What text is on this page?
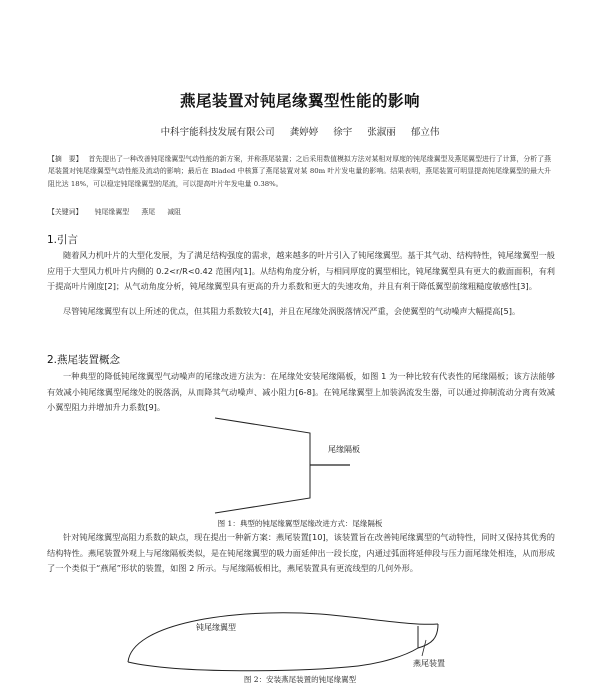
燕尾装置对钝尾缘翼型性能的影响
中科宇能科技发展有限公司 龚婷婷 徐宇 张淑丽 郁立伟
【摘　要】 首先提出了一种改善钝尾缘翼型气动性能的新方案，并称燕尾装置；之后采用数值模拟方法对某相对厚度的钝尾缘翼型及燕尾翼型进行了计算，分析了燕尾装置对钝尾缘翼型气动性能及流动的影响；最后在 Bladed 中核算了燕尾装置对某 80m 叶片发电量的影响。结果表明，燕尾装置可明显提高钝尾缘翼型的最大升阻比达 18%，可以稳定钝尾缘翼型的尾流，可以提高叶片年发电量 0.38%。
【关键词】 钝尾缘翼型 燕尾 减阻
1.引言
随着风力机叶片的大型化发展，为了满足结构强度的需求，越来越多的叶片引入了钝尾缘翼型。基于其气动、结构特性，钝尾缘翼型一般应用于大型风力机叶片内侧的 0.2<r/R<0.42 范围内[1]。从结构角度分析，与相同厚度的翼型相比，钝尾缘翼型具有更大的截面面积，有利于提高叶片刚度[2]；从气动角度分析，钝尾缘翼型具有更高的升力系数和更大的失速攻角，并且有利于降低翼型前缘粗糙度敏感性[3]。
尽管钝尾缘翼型有以上所述的优点，但其阻力系数较大[4]，并且在尾缘处涡脱落情况严重，会使翼型的气动噪声大幅提高[5]。
2.燕尾装置概念
一种典型的降低钝尾缘翼型气动噪声的尾缘改进方法为：在尾缘处安装尾缘隔板，如图 1 为一种比较有代表性的尾缘隔板；该方法能够有效减小钝尾缘翼型尾缘处的脱落涡，从而降其气动噪声、减小阻力[6-8]。在钝尾缘翼型上加装涡流发生器，可以通过抑制流动分离有效减小翼型阻力并增加升力系数[9]。
尾缘隔板
图 1：典型的钝尾缘翼型尾缘改进方式：尾缘隔板
针对钝尾缘翼型高阻力系数的缺点，现在提出一种新方案：燕尾装置[10]，该装置旨在改善钝尾缘翼型的气动特性，同时又保持其优秀的结构特性。燕尾装置外观上与尾缘隔板类似，是在钝尾缘翼型的吸力面延伸出一段长度，内通过弧面将延伸段与压力面尾缘处相连，从而形成了一个类似于“燕尾”形状的装置，如图 2 所示。与尾缘隔板相比，燕尾装置具有更流线型的几何外形。
钝尾缘翼型
燕尾装置
图 2：安装燕尾装置的钝尾缘翼型
